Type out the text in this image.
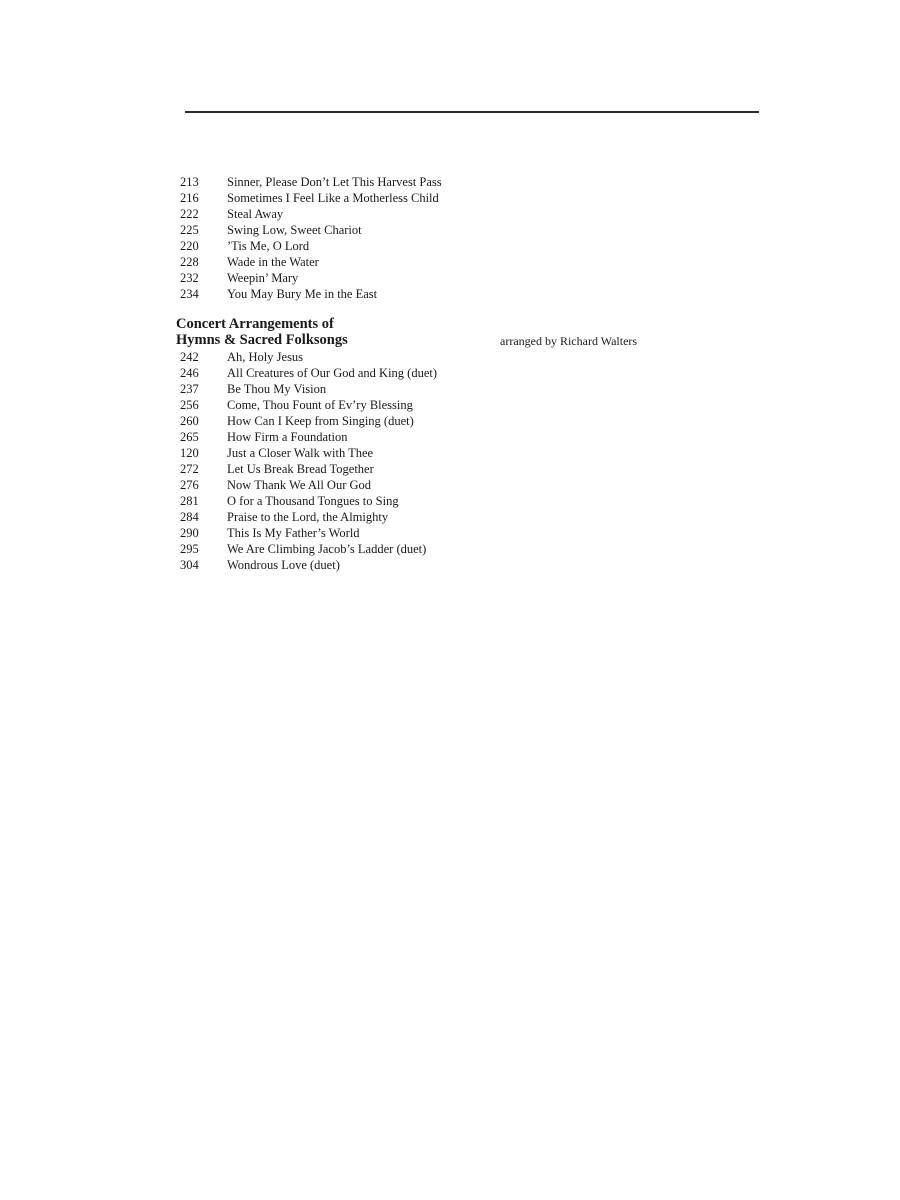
213	Sinner, Please Don’t Let This Harvest Pass
216	Sometimes I Feel Like a Motherless Child
222	Steal Away
225	Swing Low, Sweet Chariot
220	’Tis Me, O Lord
228	Wade in the Water
232	Weepin’ Mary
234	You May Bury Me in the East
Concert Arrangements of
Hymns & Sacred Folksongs	arranged by Richard Walters
242	Ah, Holy Jesus
246	All Creatures of Our God and King (duet)
237	Be Thou My Vision
256	Come, Thou Fount of Ev’ry Blessing
260	How Can I Keep from Singing (duet)
265	How Firm a Foundation
120	Just a Closer Walk with Thee
272	Let Us Break Bread Together
276	Now Thank We All Our God
281	O for a Thousand Tongues to Sing
284	Praise to the Lord, the Almighty
290	This Is My Father’s World
295	We Are Climbing Jacob’s Ladder (duet)
304	Wondrous Love (duet)
